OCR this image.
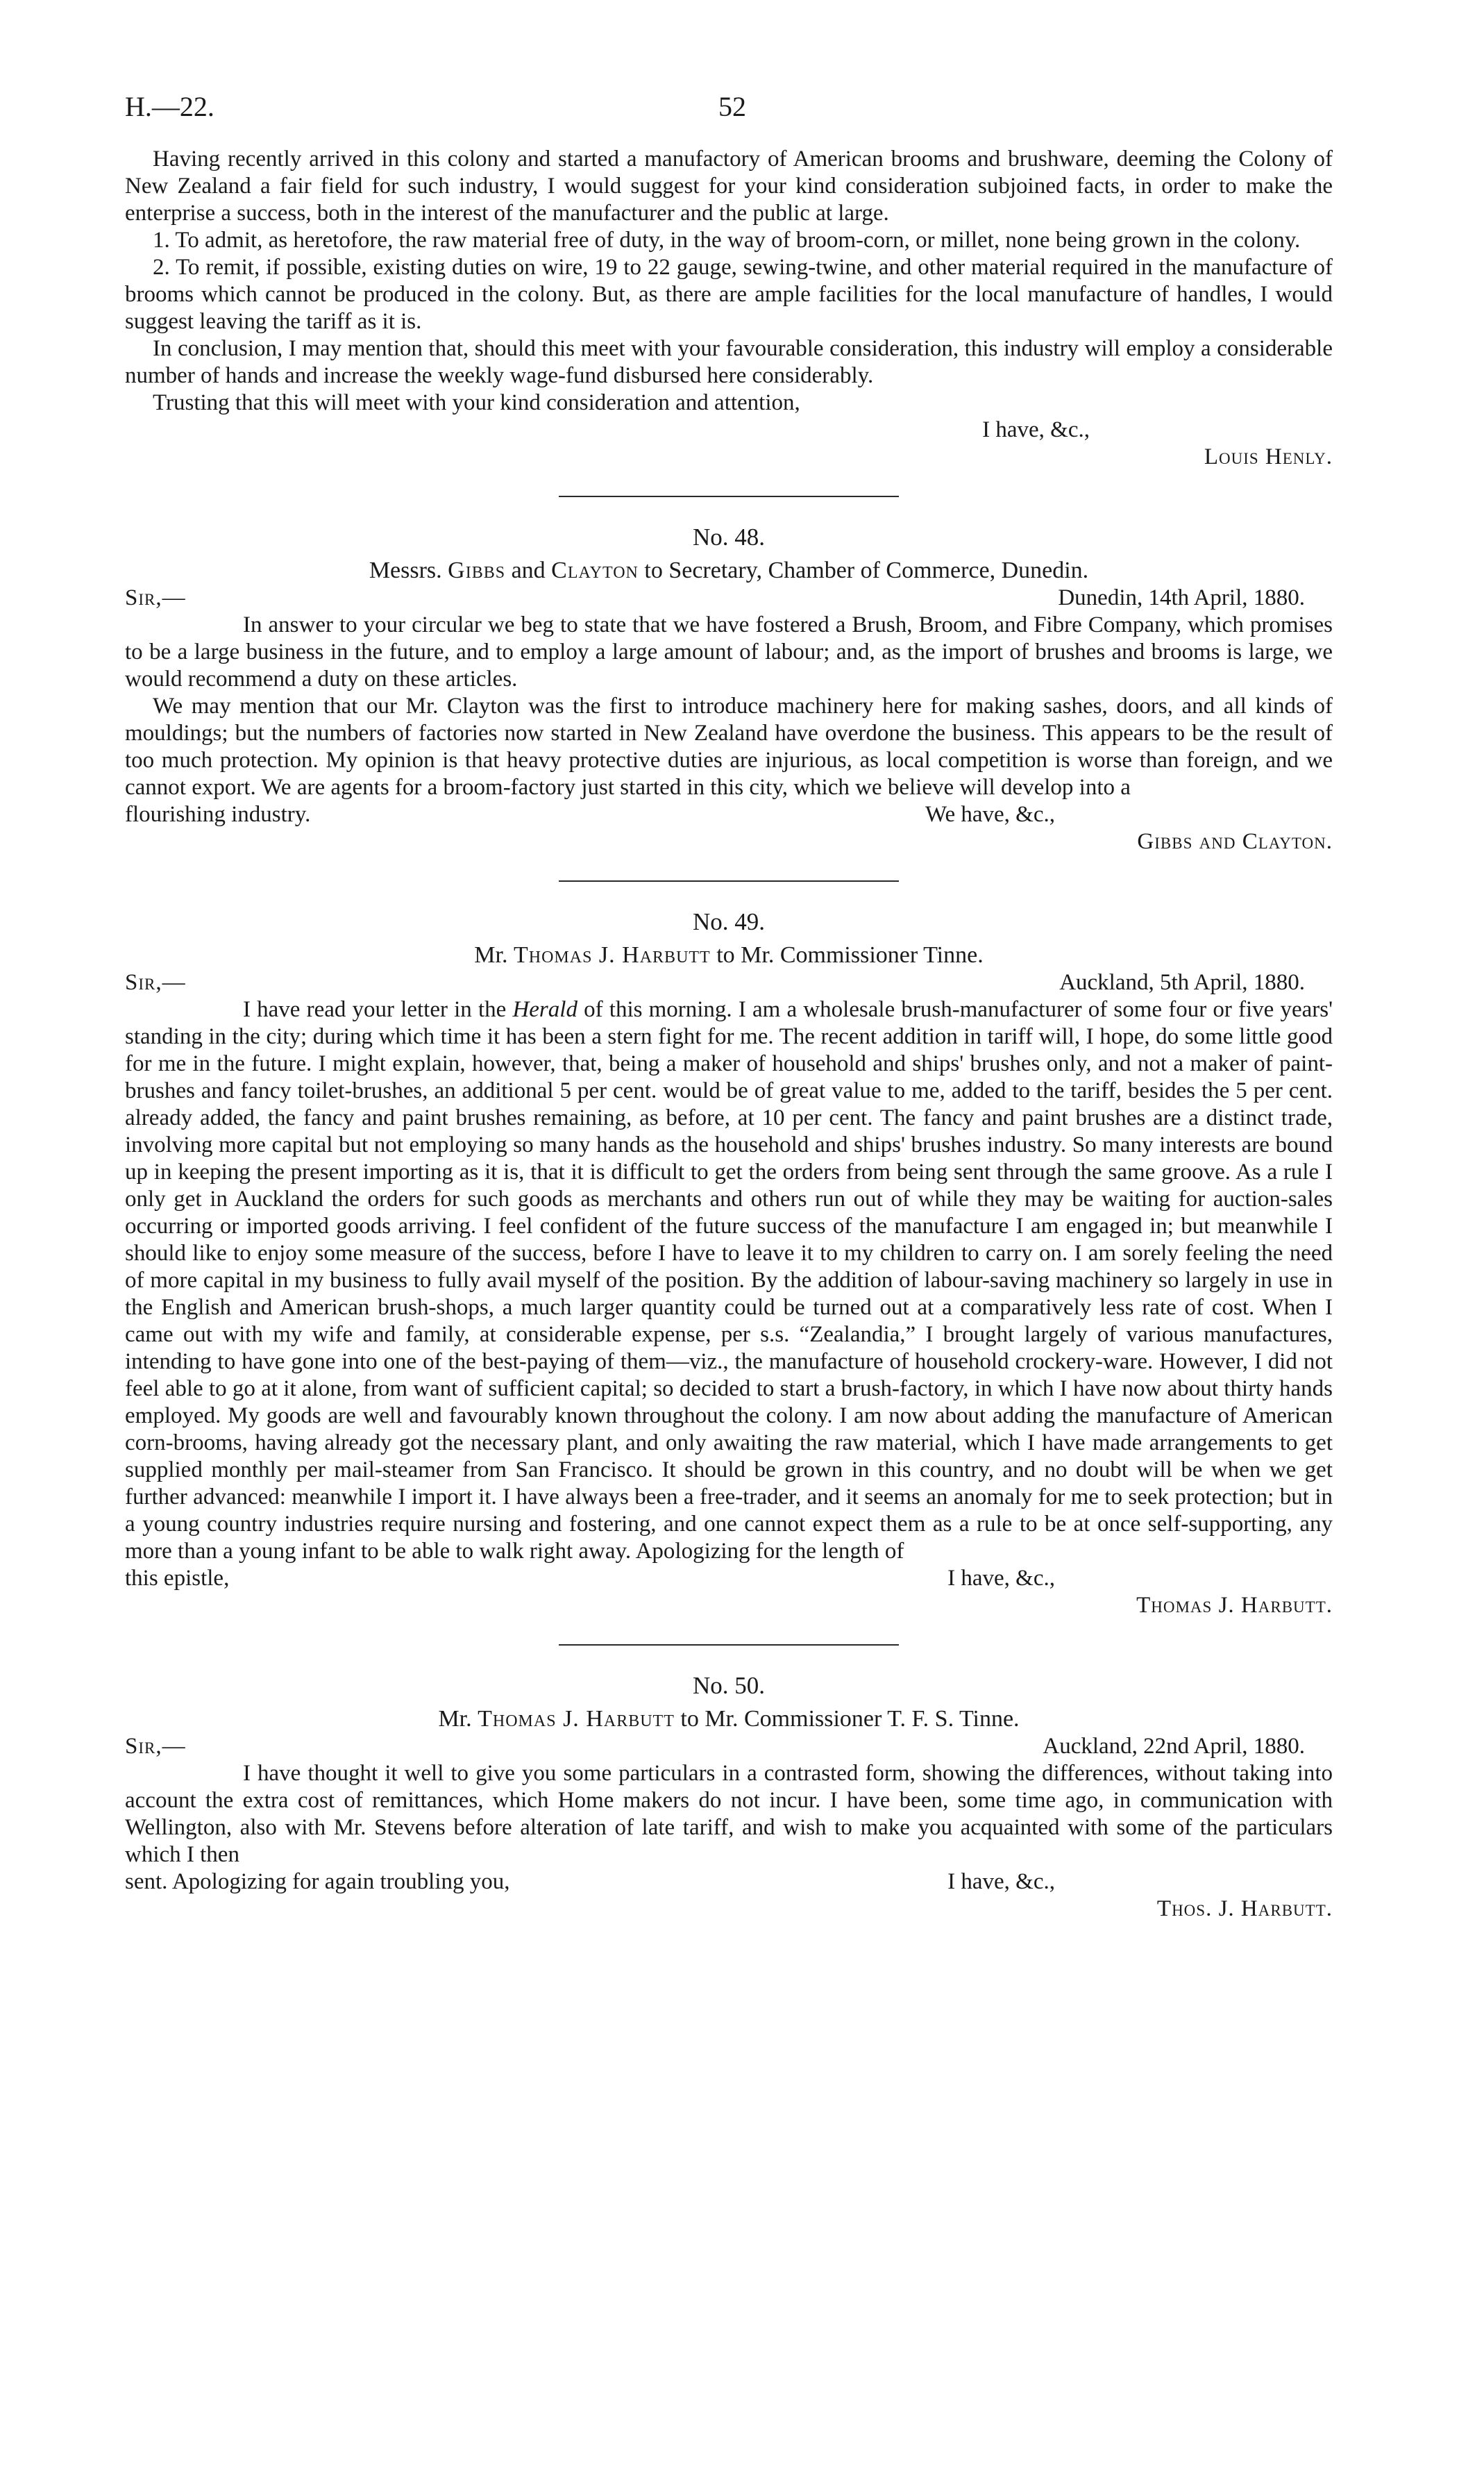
H.—22.	52

Having recently arrived in this colony and started a manufactory of American brooms and brushware, deeming the Colony of New Zealand a fair field for such industry, I would suggest for your kind consideration subjoined facts, in order to make the enterprise a success, both in the interest of the manufacturer and the public at large.

1. To admit, as heretofore, the raw material free of duty, in the way of broom-corn, or millet, none being grown in the colony.

2. To remit, if possible, existing duties on wire, 19 to 22 gauge, sewing-twine, and other material required in the manufacture of brooms which cannot be produced in the colony. But, as there are ample facilities for the local manufacture of handles, I would suggest leaving the tariff as it is.

In conclusion, I may mention that, should this meet with your favourable consideration, this industry will employ a considerable number of hands and increase the weekly wage-fund disbursed here considerably.

Trusting that this will meet with your kind consideration and attention,

I have, &c.,
Louis Henly.
No. 48.
Messrs. Gibbs and Clayton to Secretary, Chamber of Commerce, Dunedin.
Sir,—	Dunedin, 14th April, 1880.

In answer to your circular we beg to state that we have fostered a Brush, Broom, and Fibre Company, which promises to be a large business in the future, and to employ a large amount of labour; and, as the import of brushes and brooms is large, we would recommend a duty on these articles.

We may mention that our Mr. Clayton was the first to introduce machinery here for making sashes, doors, and all kinds of mouldings; but the numbers of factories now started in New Zealand have overdone the business. This appears to be the result of too much protection. My opinion is that heavy protective duties are injurious, as local competition is worse than foreign, and we cannot export. We are agents for a broom-factory just started in this city, which we believe will develop into a

flourishing industry.	We have, &c.,
Gibbs and Clayton.
No. 49.
Mr. Thomas J. Harbutt to Mr. Commissioner Tinne.
Sir,—	Auckland, 5th April, 1880.

I have read your letter in the Herald of this morning. I am a wholesale brush-manufacturer of some four or five years' standing in the city; during which time it has been a stern fight for me. The recent addition in tariff will, I hope, do some little good for me in the future. I might explain, however, that, being a maker of household and ships' brushes only, and not a maker of paint-brushes and fancy toilet-brushes, an additional 5 per cent. would be of great value to me, added to the tariff, besides the 5 per cent. already added, the fancy and paint brushes remaining, as before, at 10 per cent. The fancy and paint brushes are a distinct trade, involving more capital but not employing so many hands as the household and ships' brushes industry. So many interests are bound up in keeping the present importing as it is, that it is difficult to get the orders from being sent through the same groove. As a rule I only get in Auckland the orders for such goods as merchants and others run out of while they may be waiting for auction-sales occurring or imported goods arriving. I feel confident of the future success of the manufacture I am engaged in; but meanwhile I should like to enjoy some measure of the success, before I have to leave it to my children to carry on. I am sorely feeling the need of more capital in my business to fully avail myself of the position. By the addition of labour-saving machinery so largely in use in the English and American brush-shops, a much larger quantity could be turned out at a comparatively less rate of cost. When I came out with my wife and family, at considerable expense, per s.s. “Zealandia,” I brought largely of various manufactures, intending to have gone into one of the best-paying of them—viz., the manufacture of household crockery-ware. However, I did not feel able to go at it alone, from want of sufficient capital; so decided to start a brush-factory, in which I have now about thirty hands employed. My goods are well and favourably known throughout the colony. I am now about adding the manufacture of American corn-brooms, having already got the necessary plant, and only awaiting the raw material, which I have made arrangements to get supplied monthly per mail-steamer from San Francisco. It should be grown in this country, and no doubt will be when we get further advanced: meanwhile I import it. I have always been a free-trader, and it seems an anomaly for me to seek protection; but in a young country industries require nursing and fostering, and one cannot expect them as a rule to be at once self-supporting, any more than a young infant to be able to walk right away. Apologizing for the length of

this epistle,	I have, &c.,
Thomas J. Harbutt.
No. 50.
Mr. Thomas J. Harbutt to Mr. Commissioner T. F. S. Tinne.
Sir,—	Auckland, 22nd April, 1880.

I have thought it well to give you some particulars in a contrasted form, showing the differences, without taking into account the extra cost of remittances, which Home makers do not incur. I have been, some time ago, in communication with Wellington, also with Mr. Stevens before alteration of late tariff, and wish to make you acquainted with some of the particulars which I then

sent. Apologizing for again troubling you,	I have, &c.,
Thos. J. Harbutt.
